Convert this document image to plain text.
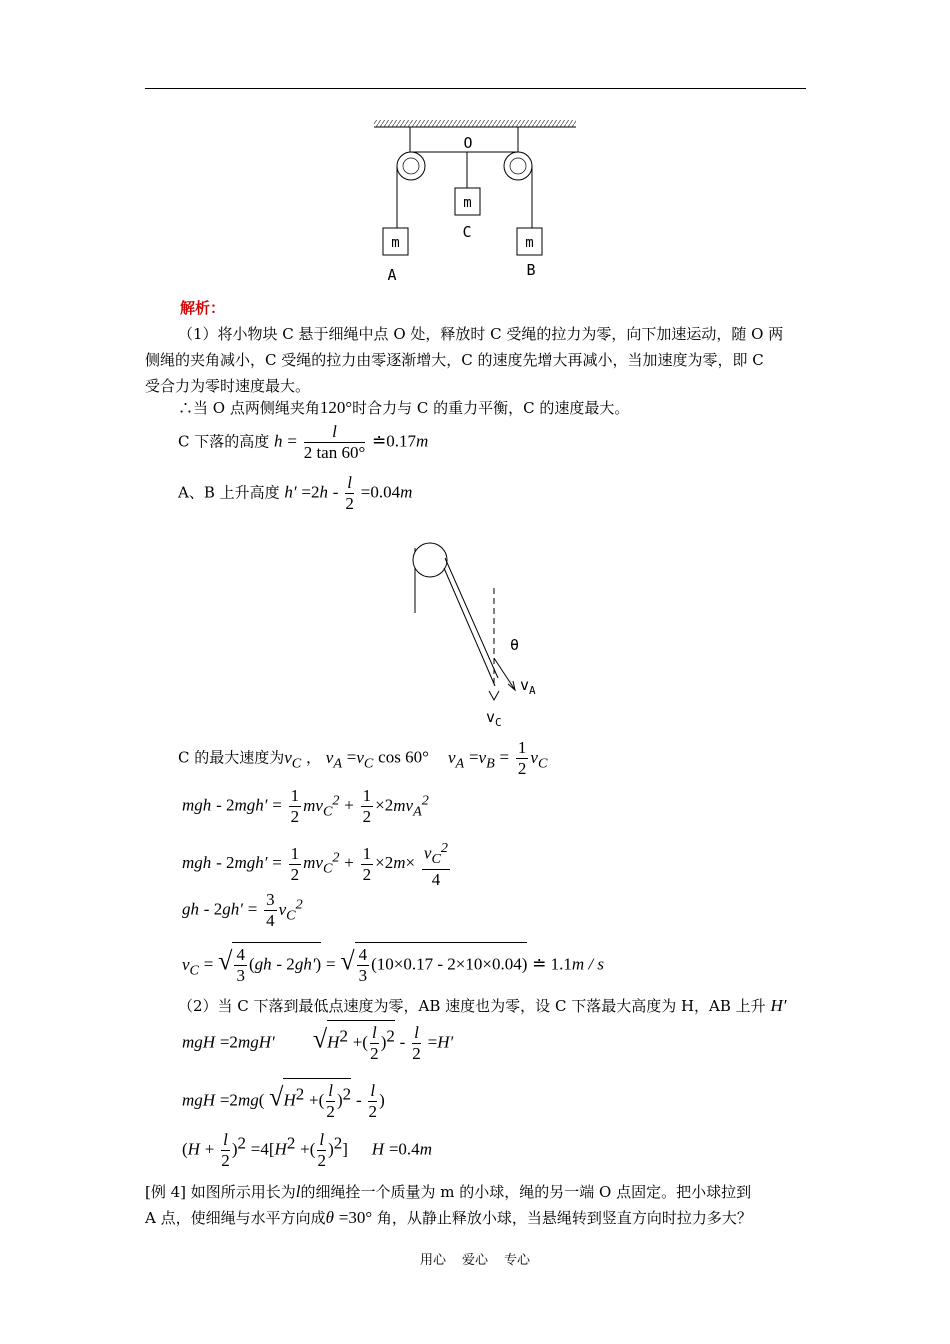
O
m
m	m
C
A	B
解析：
（1）将小物块 C 悬于细绳中点 O 处，释放时 C 受绳的拉力为零，向下加速运动，随 O 两
侧绳的夹角减小，C 受绳的拉力由零逐渐增大，C 的速度先增大再减小，当加速度为零，即 C
受合力为零时速度最大。
∴当 O 点两侧绳夹角120°时合力与 C 的重力平衡，C 的速度最大。
C 下落的高度 $h = \frac{l}{2 \tan 60^\circ}$ ≐0.17m
A、B 上升高度 $h' =2h - \frac{l}{2} =0.04m$
θ
$v_A$
$v_C$
C 的最大速度为$v_C$ ， $v_A =v_C$ cos 60° $v_A =v_B = \frac{1}{2} v_C$
mgh - $2mgh' = \frac{1}{2} mv_C^2 + \frac{1}{2} \times 2mv_A^2$
mgh - $2mgh' = \frac{1}{2} mv_C^2 + \frac{1}{2} \times 2m\times \frac{v_C^2}{4}$
gh - $2gh' = \frac{3}{4} v_C^2$
$v_C$ = √ $\frac{4}{3} (gh - 2gh')$ = √ $\frac{4}{3} (10\times 0.17 - 2\times 10\times 0.04)$ ≐ 1.1m / s
（2）当 C 下落到最低点速度为零，AB 速度也为零，设 C 下落最大高度为 H，AB 上升 H′
mgH =2mgH′ $√H^2$ +( $\frac{l}{2} )^2 - \frac{l}{2} =H'$
mgH =2mg( $√H^2$ +( $\frac{l}{2} )^2 - \frac{l}{2}$ )
$(H + \frac{l}{2} )^2 =4[H^2$ +( $\frac{l}{2} )^2$] H =0.4m
[例 4] 如图所示用长为l的细绳拴一个质量为 m 的小球，绳的另一端 O 点固定。把小球拉到
A 点，使细绳与水平方向成θ =30° 角，从静止释放小球，当悬绳转到竖直方向时拉力多大？
用心 爱心 专心
